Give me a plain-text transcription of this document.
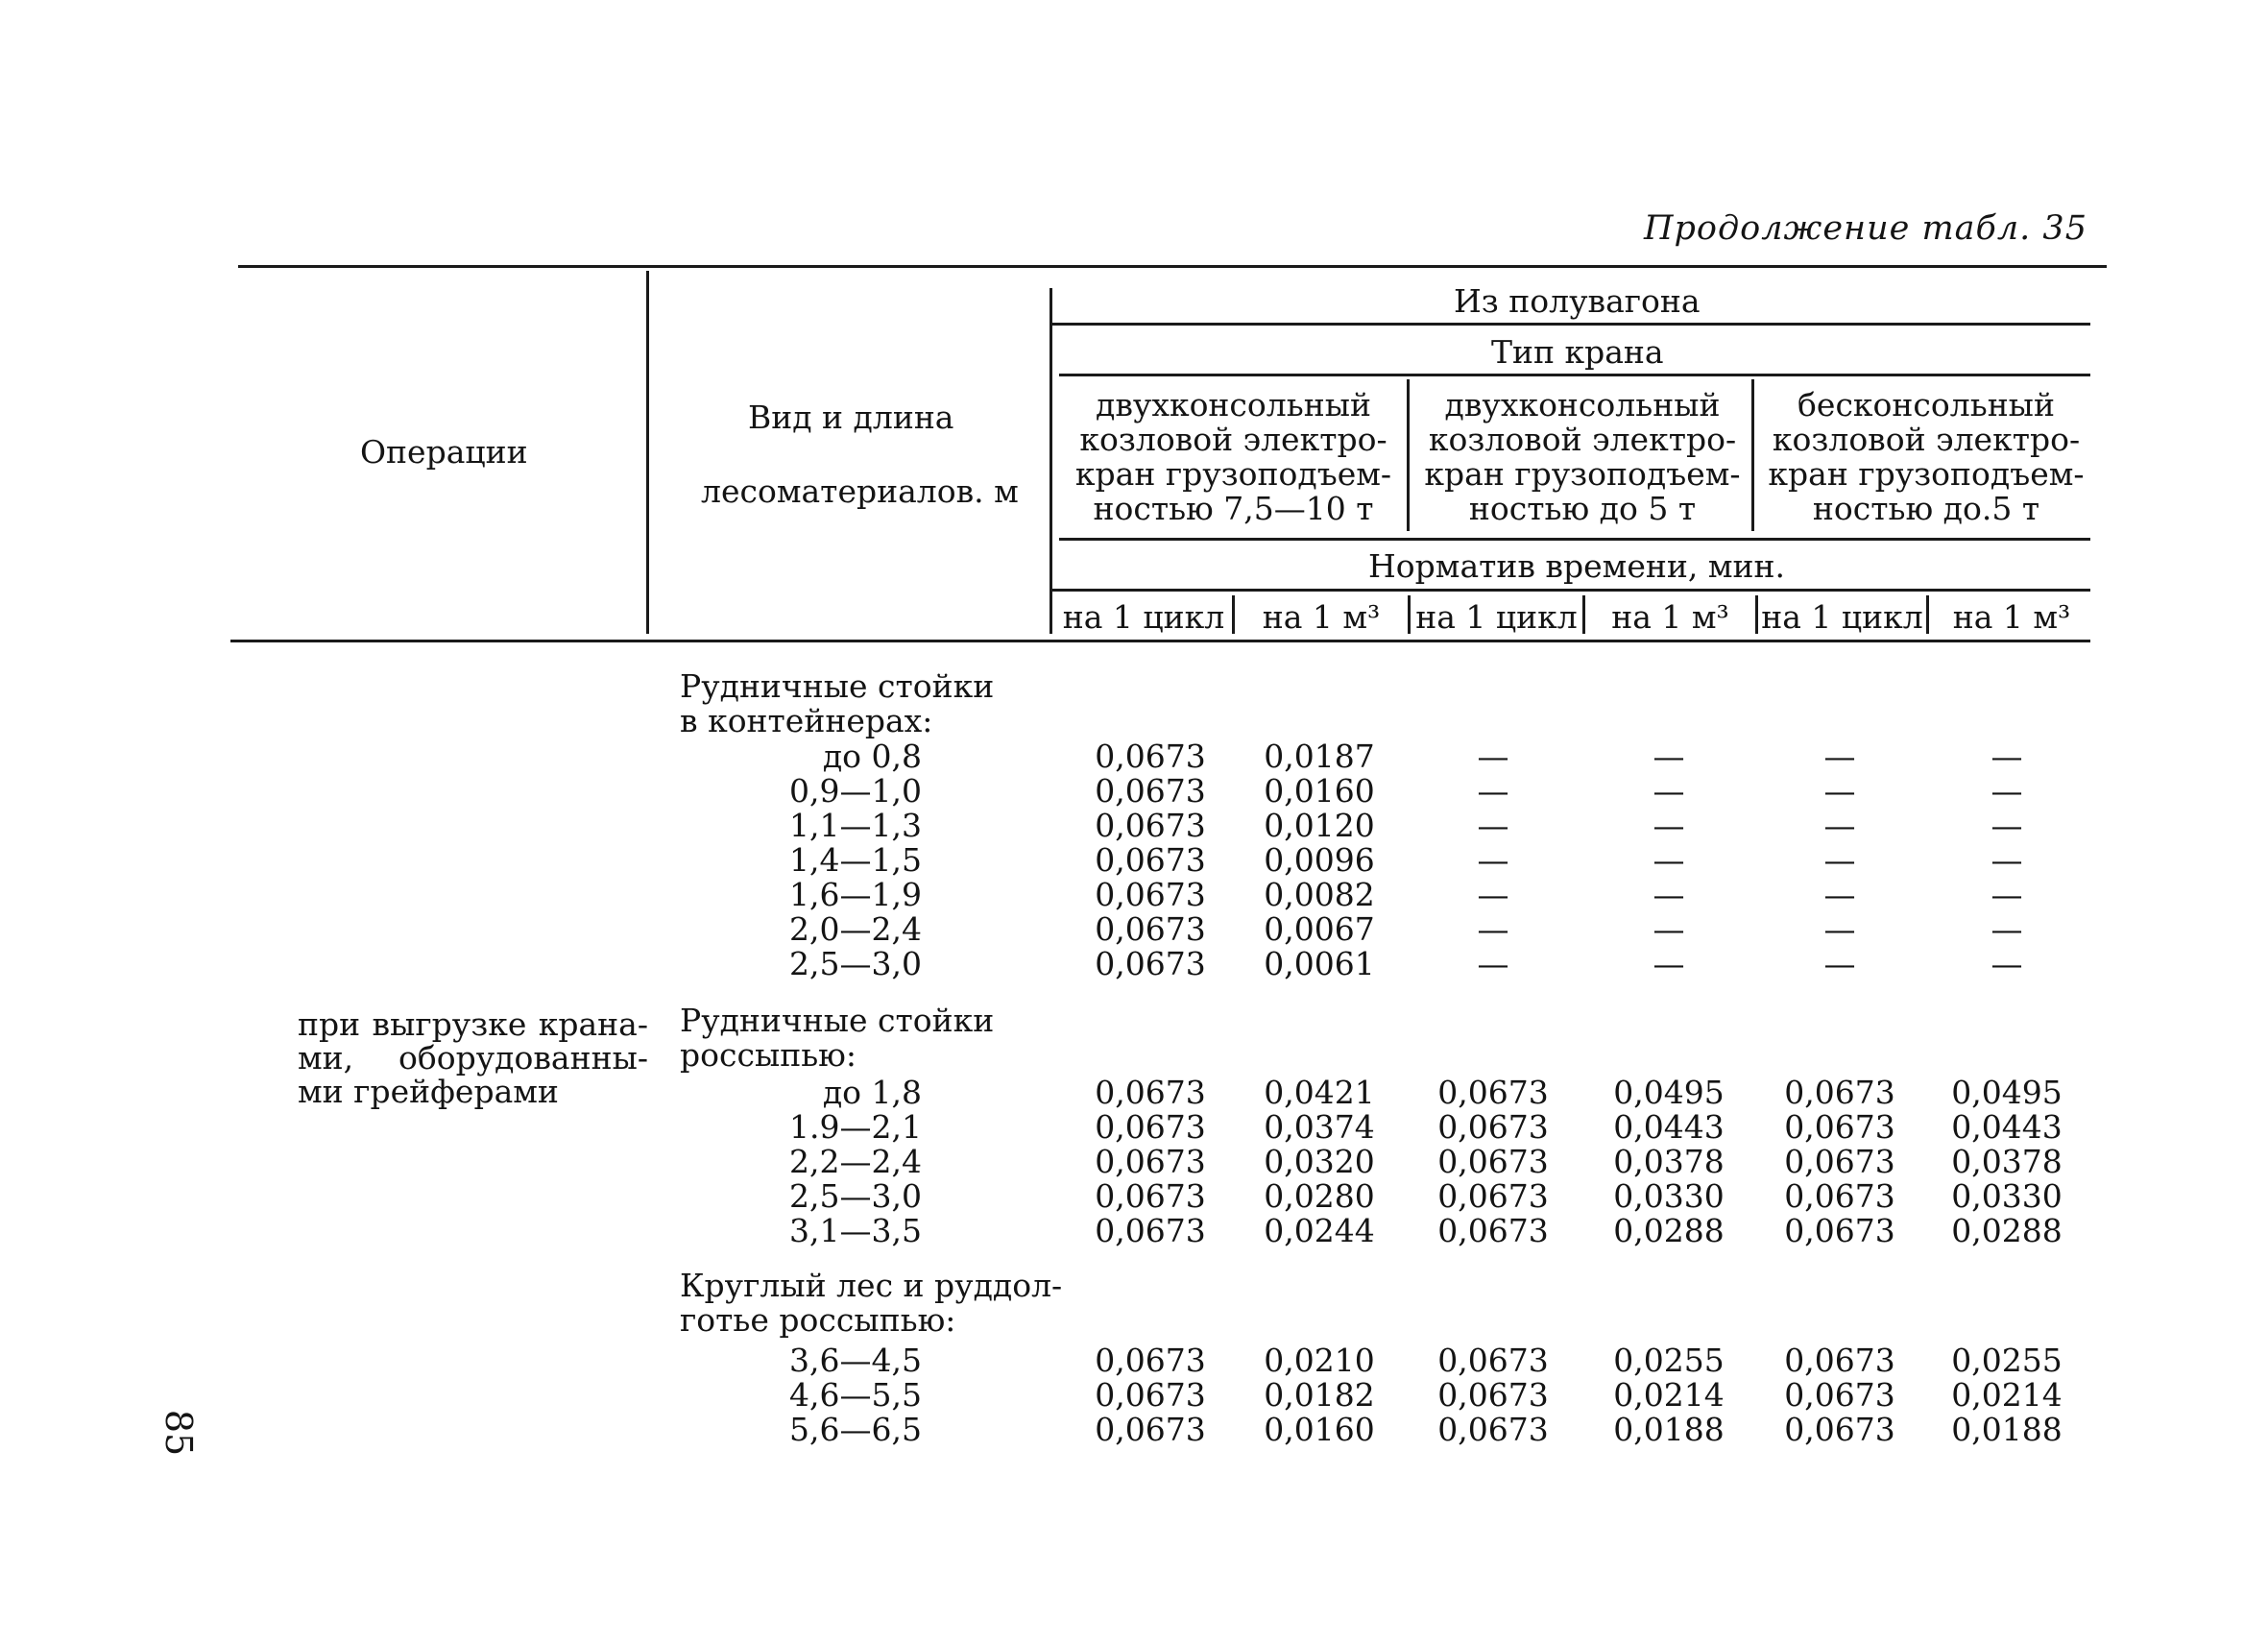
Продолжение табл. 35
Операции
Вид и длина
лесоматериалов. м
Из полувагона
Тип крана
двухконсольный
козловой электро-
кран грузоподъем-
ностью 7,5—10 т
двухконсольный
козловой электро-
кран грузоподъем-
ностью до 5 т
бесконсольный
козловой электро-
кран грузоподъем-
ностью до.5 т
Норматив времени, мин.
на 1 цикл	на 1 м³	на 1 цикл	на 1 м³	на 1 цикл на 1 м³
при выгрузке крана-
ми, оборудованны-
ми грейферами
Рудничные стойки
в контейнерах:
до 0,8	0,0673	0,0187	—	—	—	—
0,9—1,0	0,0673	0,0160	—	—	—	—
1,1—1,3	0,0673	0,0120	—	—	—	—
1,4—1,5	0,0673	0,0096	—	—	—	—
1,6—1,9	0,0673	0,0082	—	—	—	—
2,0—2,4	0,0673	0,0067	—	—	—	—
2,5—3,0	0,0673	0,0061	—	—	—	—
Рудничные стойки
россыпью:
до 1,8	0,0673	0,0421	0,0673	0,0495	0,0673	0,0495
1.9—2,1	0,0673	0,0374	0,0673	0,0443	0,0673	0,0443
2,2—2,4	0,0673	0,0320	0,0673	0,0378	0,0673	0,0378
2,5—3,0	0,0673	0,0280	0,0673	0,0330	0,0673	0,0330
3,1—3,5	0,0673	0,0244	0,0673	0,0288	0,0673	0,0288
Круглый лес и руддол-
готье россыпью:
3,6—4,5	0,0673	0,0210	0,0673	0,0255	0,0673	0,0255
4,6—5,5	0,0673	0,0182	0,0673	0,0214	0,0673	0,0214
5,6—6,5	0,0673	0,0160	0,0673	0,0188	0,0673	0,0188
85
